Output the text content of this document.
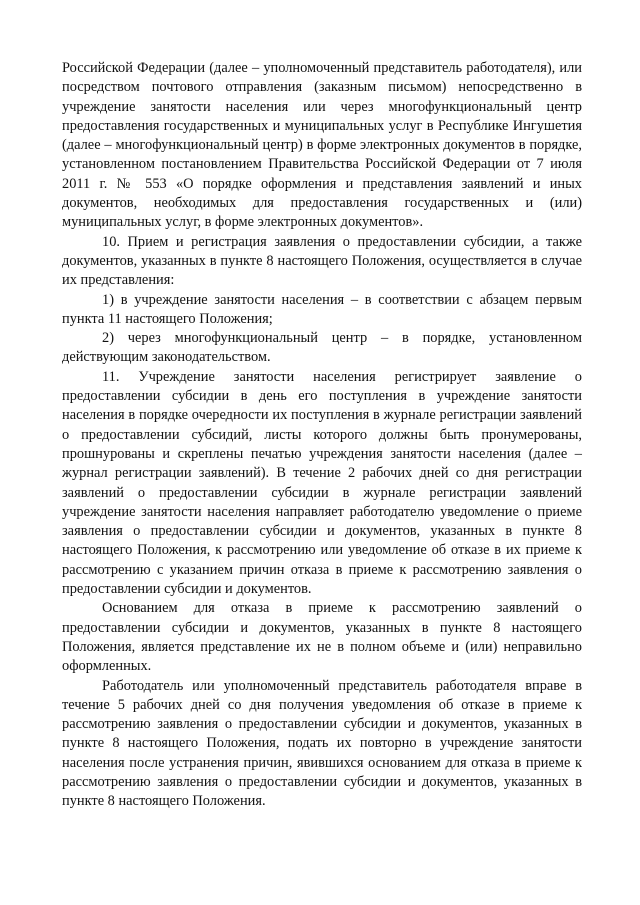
Российской Федерации (далее – уполномоченный представитель работодателя), или посредством почтового отправления (заказным письмом) непосредственно в учреждение занятости населения или через многофункциональный центр предоставления государственных и муниципальных услуг в Республике Ингушетия (далее – многофункциональный центр) в форме электронных документов в порядке, установленном постановлением Правительства Российской Федерации от 7 июля 2011 г. № 553 «О порядке оформления и представления заявлений и иных документов, необходимых для предоставления государственных и (или) муниципальных услуг, в форме электронных документов».

10. Прием и регистрация заявления о предоставлении субсидии, а также документов, указанных в пункте 8 настоящего Положения, осуществляется в случае их представления:

1) в учреждение занятости населения – в соответствии с абзацем первым пункта 11 настоящего Положения;

2) через многофункциональный центр – в порядке, установленном действующим законодательством.

11. Учреждение занятости населения регистрирует заявление о предоставлении субсидии в день его поступления в учреждение занятости населения в порядке очередности их поступления в журнале регистрации заявлений о предоставлении субсидий, листы которого должны быть пронумерованы, прошнурованы и скреплены печатью учреждения занятости населения (далее – журнал регистрации заявлений). В течение 2 рабочих дней со дня регистрации заявлений о предоставлении субсидии в журнале регистрации заявлений учреждение занятости населения направляет работодателю уведомление о приеме заявления о предоставлении субсидии и документов, указанных в пункте 8 настоящего Положения, к рассмотрению или уведомление об отказе в их приеме к рассмотрению с указанием причин отказа в приеме к рассмотрению заявления о предоставлении субсидии и документов.

Основанием для отказа в приеме к рассмотрению заявлений о предоставлении субсидии и документов, указанных в пункте 8 настоящего Положения, является представление их не в полном объеме и (или) неправильно оформленных.

Работодатель или уполномоченный представитель работодателя вправе в течение 5 рабочих дней со дня получения уведомления об отказе в приеме к рассмотрению заявления о предоставлении субсидии и документов, указанных в пункте 8 настоящего Положения, подать их повторно в учреждение занятости населения после устранения причин, явившихся основанием для отказа в приеме к рассмотрению заявления о предоставлении субсидии и документов, указанных в пункте 8 настоящего Положения.
